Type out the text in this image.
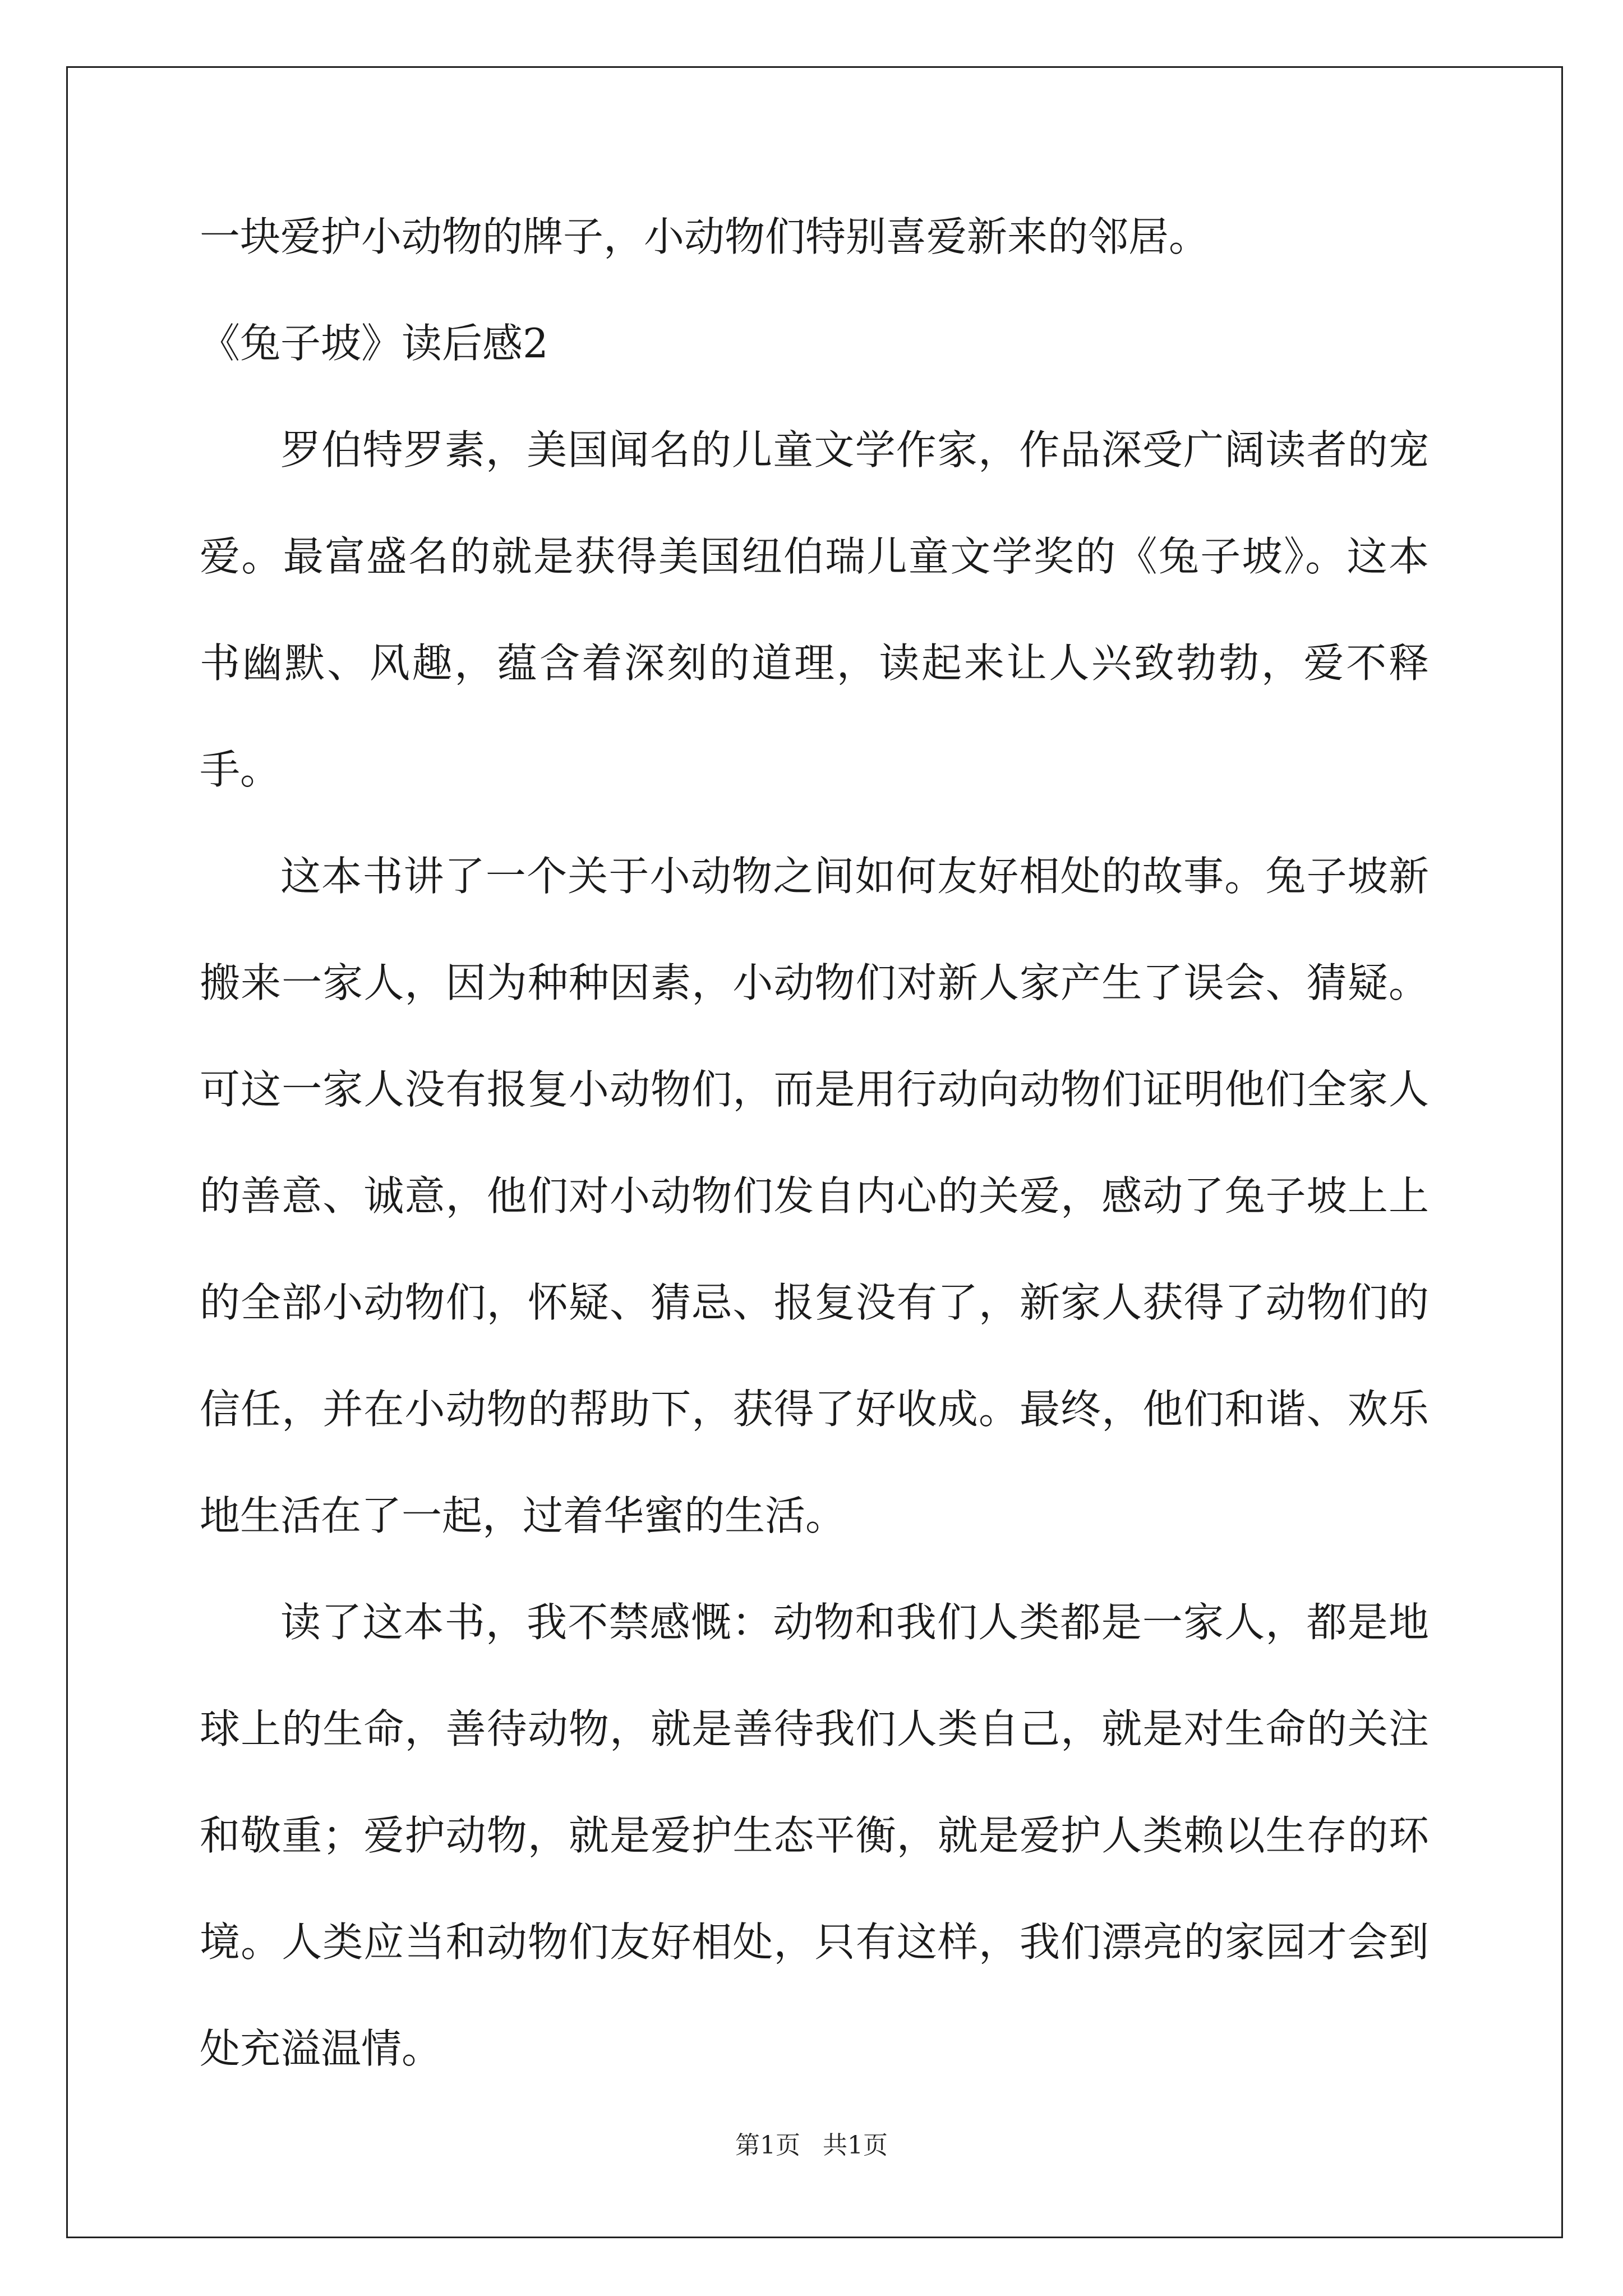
一块爱护小动物的牌子，小动物们特别喜爱新来的邻居。

《兔子坡》读后感2

罗伯特罗素，美国闻名的儿童文学作家，作品深受广阔读者的宠爱。最富盛名的就是获得美国纽伯瑞儿童文学奖的《兔子坡》。这本书幽默、风趣，蕴含着深刻的道理，读起来让人兴致勃勃，爱不释手。

这本书讲了一个关于小动物之间如何友好相处的故事。兔子坡新搬来一家人，因为种种因素，小动物们对新人家产生了误会、猜疑。可这一家人没有报复小动物们，而是用行动向动物们证明他们全家人的善意、诚意，他们对小动物们发自内心的关爱，感动了兔子坡上上的全部小动物们，怀疑、猜忌、报复没有了，新家人获得了动物们的信任，并在小动物的帮助下，获得了好收成。最终，他们和谐、欢乐地生活在了一起，过着华蜜的生活。

读了这本书，我不禁感慨：动物和我们人类都是一家人，都是地球上的生命，善待动物，就是善待我们人类自己，就是对生命的关注和敬重；爱护动物，就是爱护生态平衡，就是爱护人类赖以生存的环境。人类应当和动物们友好相处，只有这样，我们漂亮的家园才会到处充溢温情。

第1页 共1页
